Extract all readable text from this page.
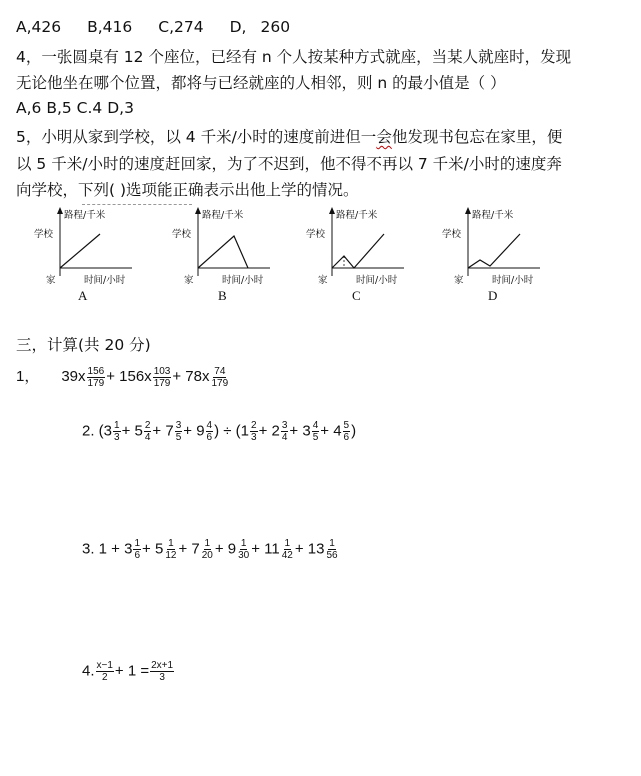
A,426 B,416 C,274 D, 260
4，一张圆桌有 12 个座位，已经有 n 个人按某种方式就座，当某人就座时，发现
无论他坐在哪个位置，都将与已经就座的人相邻，则 n 的最小值是（ ）
A,6 B,5 C.4 D,3
5，小明从家到学校，以 4 千米/小时的速度前进但一会他发现书包忘在家里，便
以 5 千米/小时的速度赶回家，为了不迟到，他不得不再以 7 千米/小时的速度奔
向学校，下列( )选项能正确表示出他上学的情况。
路程/千米
学校
家	时间/小时
A
路程/千米
学校
家	时间/小时
B
路程/千米
学校
家	时间/小时
C
路程/千米
学校
家	时间/小时
D
三，计算(共 20 分)
1， $39x \frac{156}{179} + 156x \frac{103}{179} + 78x \frac{74}{179}$
2. ($3 \frac{1}{3} + 5 \frac{2}{4} + 7 \frac{3}{5} + 9 \frac{4}{6}$ ) ÷ ($1 \frac{2}{3} + 2 \frac{3}{4} + 3 \frac{4}{5} + 4 \frac{5}{6}$ )
3. $1 + 3 \frac{1}{6} + 5 \frac{1}{12} + 7 \frac{1}{20} + 9 \frac{1}{30} + 11 \frac{1}{42} + 13 \frac{1}{56}$
4. $\frac{x-1}{2} + 1 = \frac{2x+1}{3}$
